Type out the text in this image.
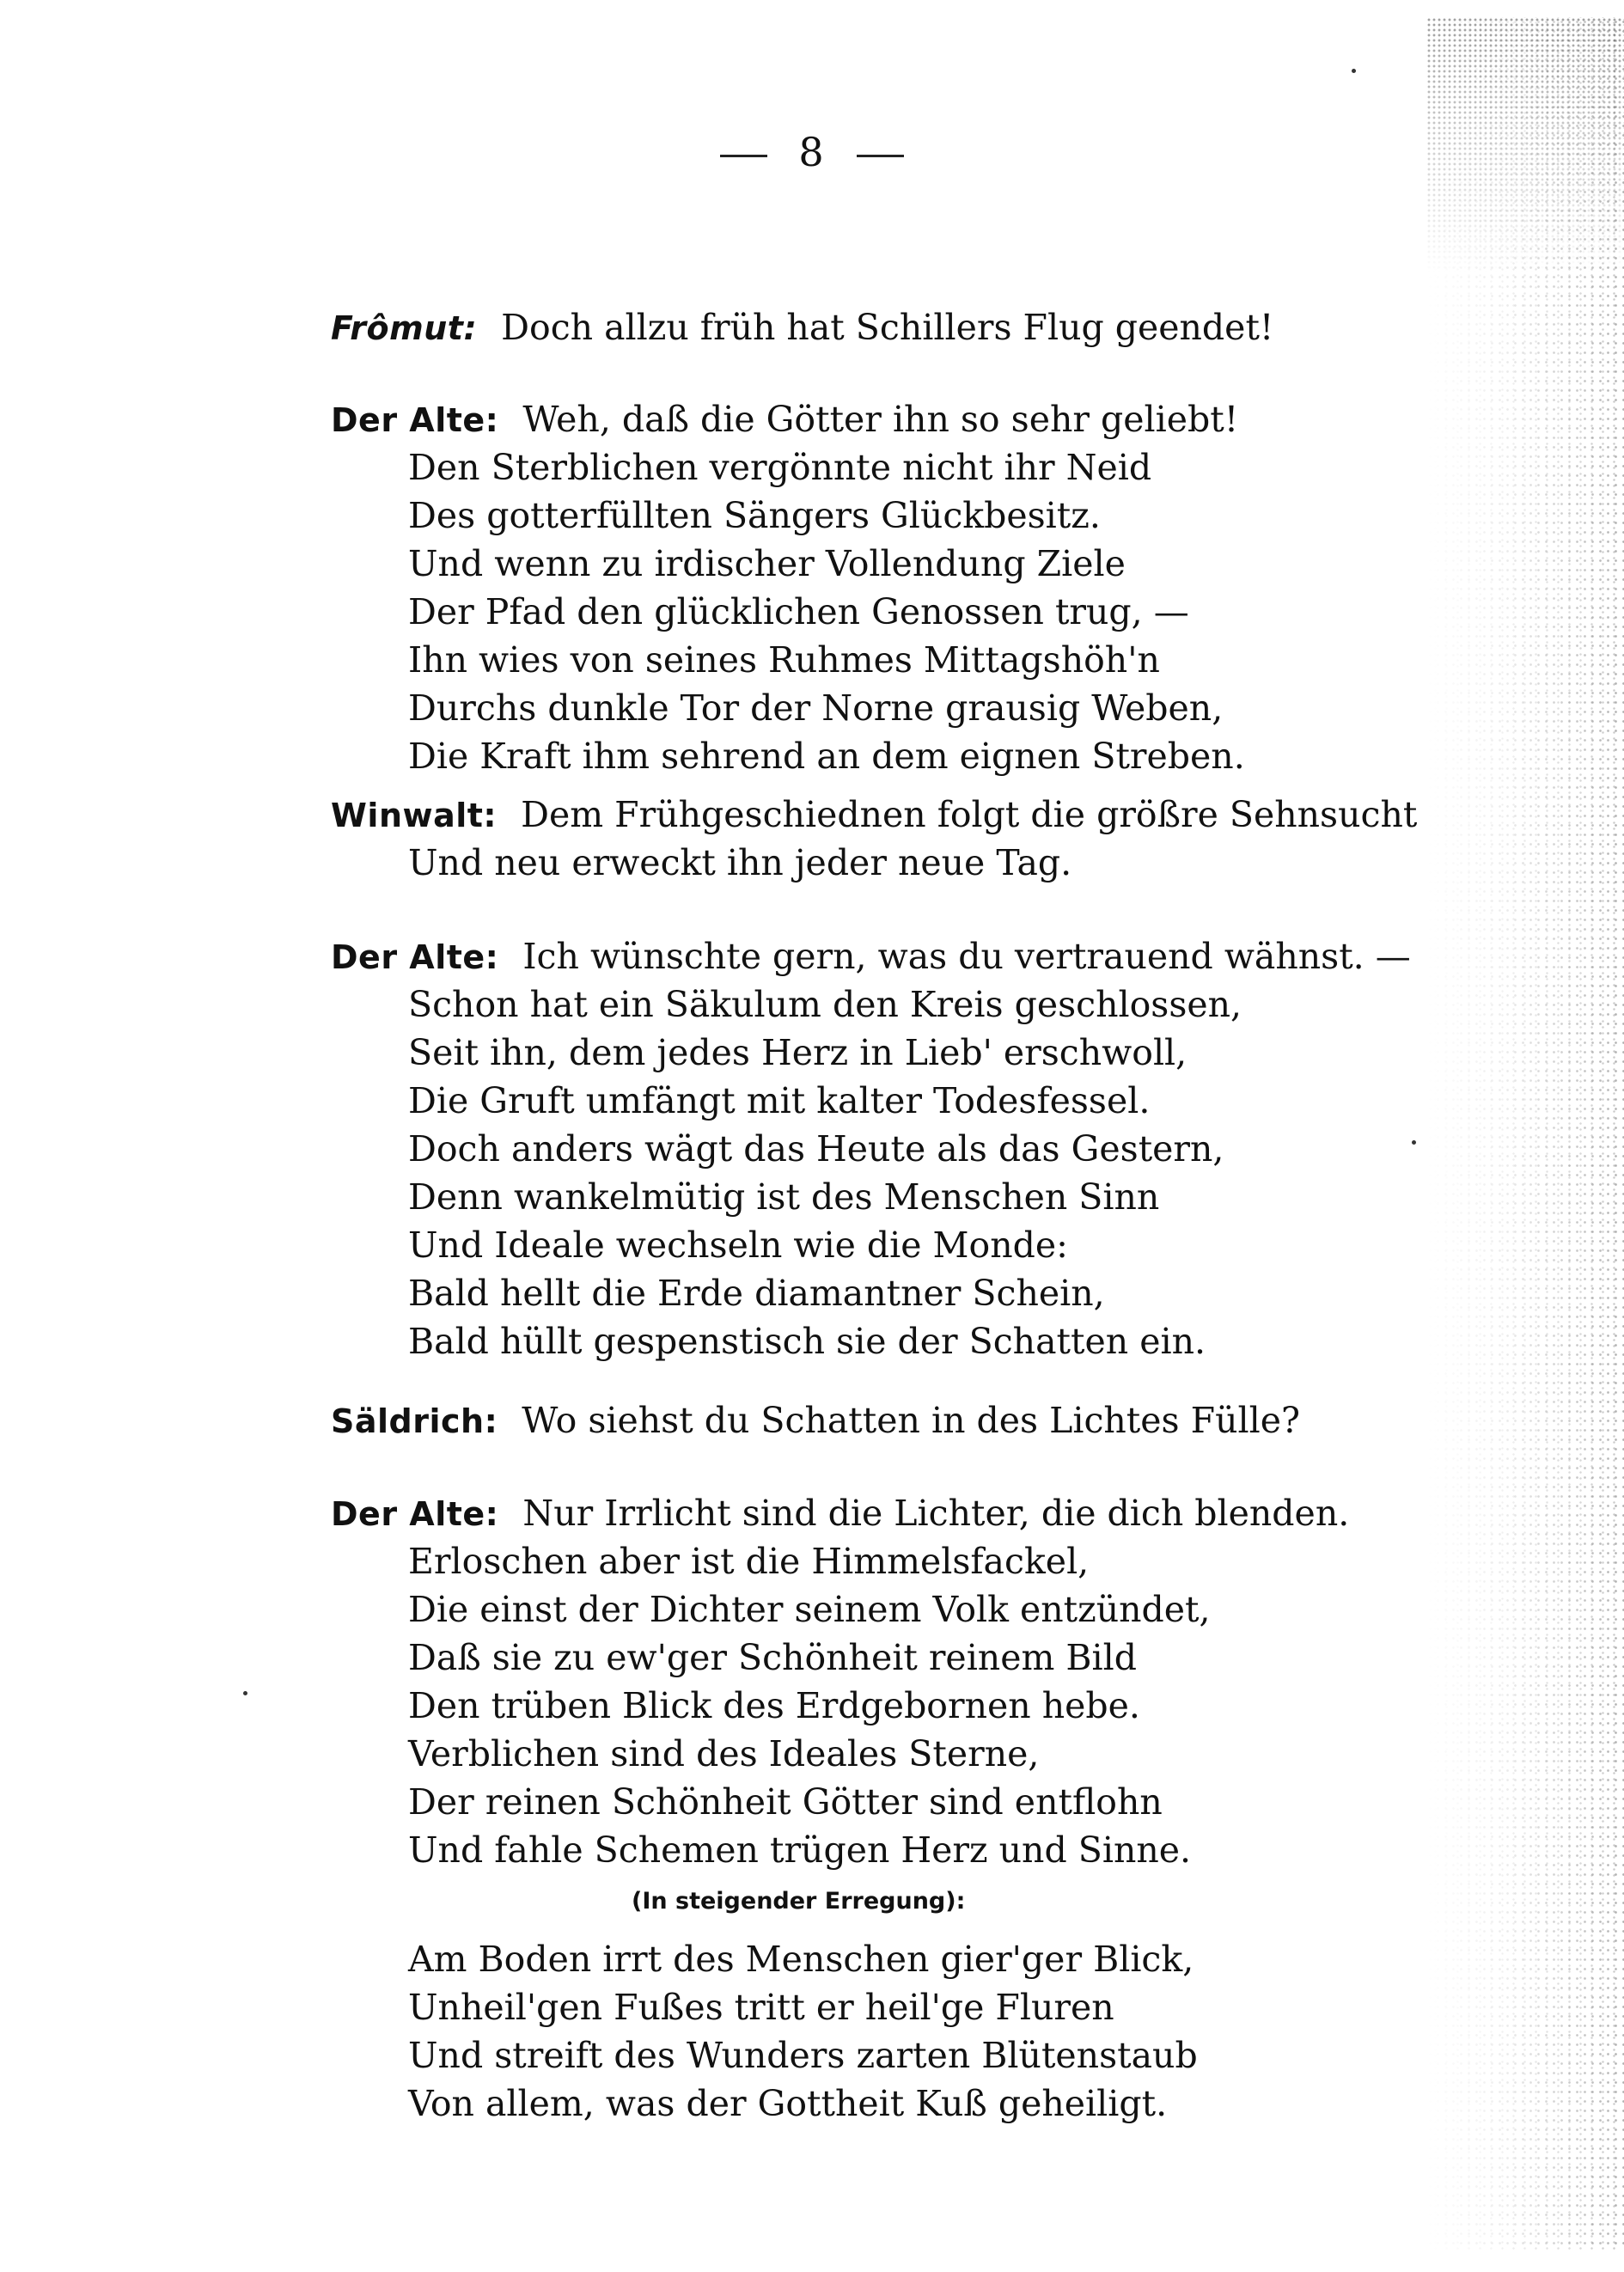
8
Frômut: Doch allzu früh hat Schillers Flug geendet!
Der Alte: Weh, daß die Götter ihn so sehr geliebt!
Den Sterblichen vergönnte nicht ihr Neid
Des gotterfüllten Sängers Glückbesitz.
Und wenn zu irdischer Vollendung Ziele
Der Pfad den glücklichen Genossen trug, —
Ihn wies von seines Ruhmes Mittagshöh'n
Durchs dunkle Tor der Norne grausig Weben,
Die Kraft ihm sehrend an dem eignen Streben.
Winwalt: Dem Frühgeschiednen folgt die größre Sehnsucht
Und neu erweckt ihn jeder neue Tag.
Der Alte: Ich wünschte gern, was du vertrauend wähnst. —
Schon hat ein Säkulum den Kreis geschlossen,
Seit ihn, dem jedes Herz in Lieb' erschwoll,
Die Gruft umfängt mit kalter Todesfessel.
Doch anders wägt das Heute als das Gestern,
Denn wankelmütig ist des Menschen Sinn
Und Ideale wechseln wie die Monde:
Bald hellt die Erde diamantner Schein,
Bald hüllt gespenstisch sie der Schatten ein.
Säldrich: Wo siehst du Schatten in des Lichtes Fülle?
Der Alte: Nur Irrlicht sind die Lichter, die dich blenden.
Erloschen aber ist die Himmelsfackel,
Die einst der Dichter seinem Volk entzündet,
Daß sie zu ew'ger Schönheit reinem Bild
Den trüben Blick des Erdgebornen hebe.
Verblichen sind des Ideales Sterne,
Der reinen Schönheit Götter sind entflohn
Und fahle Schemen trügen Herz und Sinne.
(In steigender Erregung):
Am Boden irrt des Menschen gier'ger Blick,
Unheil'gen Fußes tritt er heil'ge Fluren
Und streift des Wunders zarten Blütenstaub
Von allem, was der Gottheit Kuß geheiligt.
